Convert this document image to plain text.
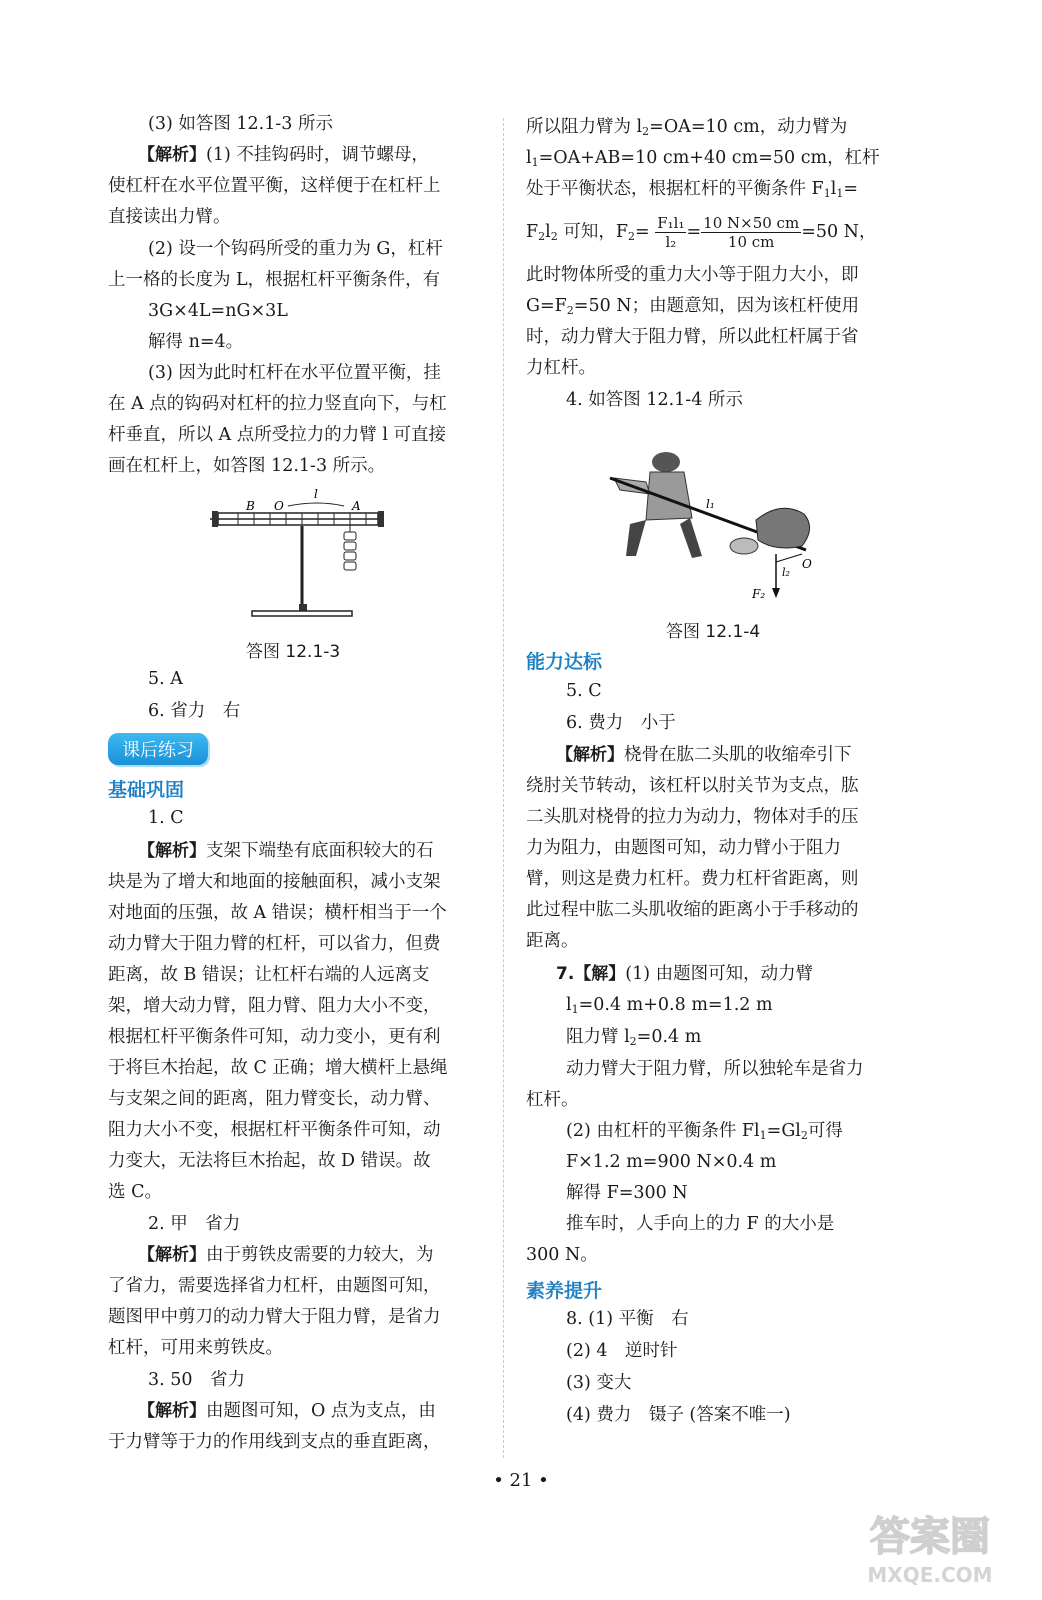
(3) 如答图 12.1-3 所示
【解析】(1) 不挂钩码时，调节螺母，
使杠杆在水平位置平衡，这样便于在杠杆上
直接读出力臂。
(2) 设一个钩码所受的重力为 G，杠杆
上一格的长度为 L，根据杠杆平衡条件，有
3G×4L=nG×3L
解得 n=4。
(3) 因为此时杠杆在水平位置平衡，挂
在 A 点的钩码对杠杆的拉力竖直向下，与杠
杆垂直，所以 A 点所受拉力的力臂 l 可直接
画在杠杆上，如答图 12.1-3 所示。
B O
l
A
答图 12.1-3
5. A
6. 省力　右
课后练习
基础巩固
1. C
【解析】支架下端垫有底面积较大的石
块是为了增大和地面的接触面积，减小支架
对地面的压强，故 A 错误；横杆相当于一个
动力臂大于阻力臂的杠杆，可以省力，但费
距离，故 B 错误；让杠杆右端的人远离支
架，增大动力臂，阻力臂、阻力大小不变，
根据杠杆平衡条件可知，动力变小，更有利
于将巨木抬起，故 C 正确；增大横杆上悬绳
与支架之间的距离，阻力臂变长，动力臂、
阻力大小不变，根据杠杆平衡条件可知，动
力变大，无法将巨木抬起，故 D 错误。故
选 C。
2. 甲　省力
【解析】由于剪铁皮需要的力较大，为
了省力，需要选择省力杠杆，由题图可知，
题图甲中剪刀的动力臂大于阻力臂，是省力
杠杆，可用来剪铁皮。
3. 50　省力
【解析】由题图可知，O 点为支点，由
于力臂等于力的作用线到支点的垂直距离，
所以阻力臂为 $l_2=OA=10$ cm，动力臂为
$l_1=OA+AB=10$ cm+40 cm=50 cm，杠杆
处于平衡状态，根据杠杆的平衡条件 $F_1l_1=$
$F_2l_2$ 可知，$F_2= \frac{\text{F₁l₁}}{\text{l₂}} = \frac{10 N\times 50 cm}{10 cm} =50$ N，
此时物体所受的重力大小等于阻力大小，即
$G=F_2=50$ N；由题意知，因为该杠杆使用
时，动力臂大于阻力臂，所以此杠杆属于省
力杠杆。
4. 如答图 12.1-4 所示
l₁
l₂
O
F₂
答图 12.1-4
能力达标
5. C
6. 费力　小于
【解析】桡骨在肱二头肌的收缩牵引下
绕肘关节转动，该杠杆以肘关节为支点，肱
二头肌对桡骨的拉力为动力，物体对手的压
力为阻力，由题图可知，动力臂小于阻力
臂，则这是费力杠杆。费力杠杆省距离，则
此过程中肱二头肌收缩的距离小于手移动的
距离。
7.【解】(1) 由题图可知，动力臂
$l_1=0.4$ m+0.8 m=1.2 m
阻力臂 $l_2=0.4$ m
动力臂大于阻力臂，所以独轮车是省力
杠杆。
(2) 由杠杆的平衡条件 $Fl_1=Gl_2$可得
F×1.2 m=900 N×0.4 m
解得 F=300 N
推车时，人手向上的力 F 的大小是
300 N。
素养提升
8. (1) 平衡　右
(2) 4　逆时针
(3) 变大
(4) 费力　镊子 (答案不唯一)
• 21 •
答案圈
MXQE.COM
